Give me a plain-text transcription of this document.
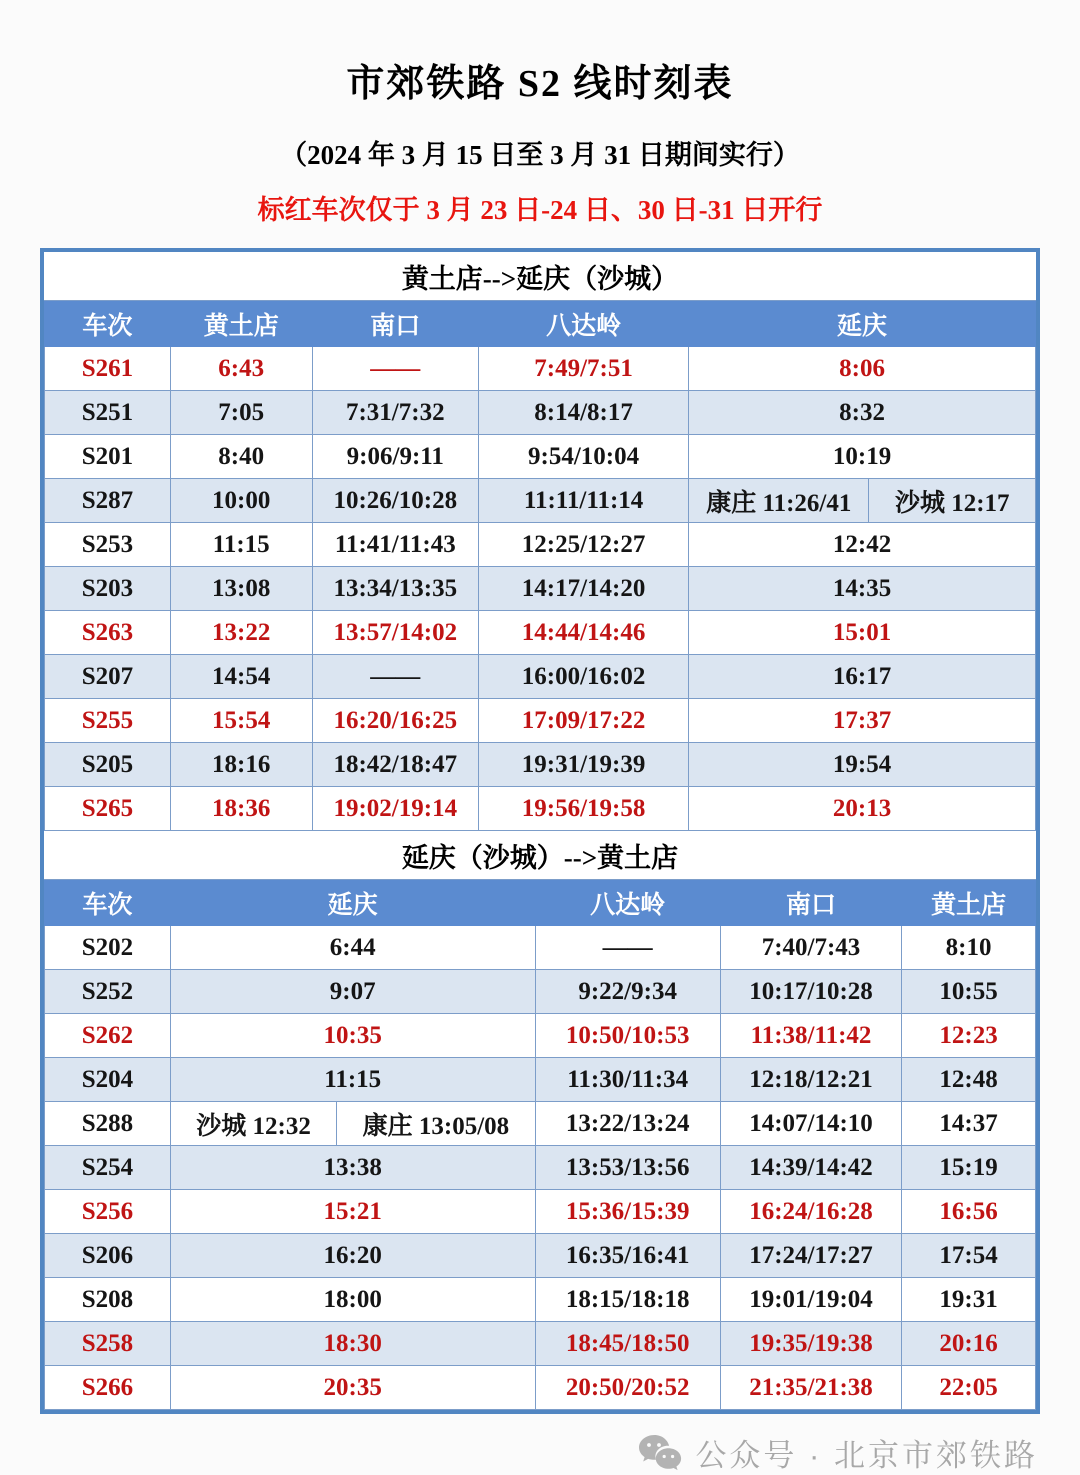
市郊铁路 S2 线时刻表
（2024 年 3 月 15 日至 3 月 31 日期间实行）
标红车次仅于 3 月 23 日-24 日、30 日-31 日开行
黄土店-->延庆（沙城）					
车次	黄土店	南口	八达岭	延庆	
S261	6:43	——	7:49/7:51	8:06	
S251	7:05	7:31/7:32	8:14/8:17	8:32	
S201	8:40	9:06/9:11	9:54/10:04	10:19	
S287	10:00	10:26/10:28	11:11/11:14	康庄 11:26/41	沙城 12:17
S253	11:15	11:41/11:43	12:25/12:27	12:42	
S203	13:08	13:34/13:35	14:17/14:20	14:35	
S263	13:22	13:57/14:02	14:44/14:46	15:01	
S207	14:54	——	16:00/16:02	16:17	
S255	15:54	16:20/16:25	17:09/17:22	17:37	
S205	18:16	18:42/18:47	19:31/19:39	19:54	
S265	18:36	19:02/19:14	19:56/19:58	20:13	
延庆（沙城）-->黄土店					
车次	延庆		八达岭	南口	黄土店
S202	6:44		——	7:40/7:43	8:10
S252	9:07		9:22/9:34	10:17/10:28	10:55
S262	10:35		10:50/10:53	11:38/11:42	12:23
S204	11:15		11:30/11:34	12:18/12:21	12:48
S288	沙城 12:32	康庄 13:05/08	13:22/13:24	14:07/14:10	14:37
S254	13:38		13:53/13:56	14:39/14:42	15:19
S256	15:21		15:36/15:39	16:24/16:28	16:56
S206	16:20		16:35/16:41	17:24/17:27	17:54
S208	18:00		18:15/18:18	19:01/19:04	19:31
S258	18:30		18:45/18:50	19:35/19:38	20:16
S266	20:35		20:50/20:52	21:35/21:38	22:05
公众号 · 北京市郊铁路
